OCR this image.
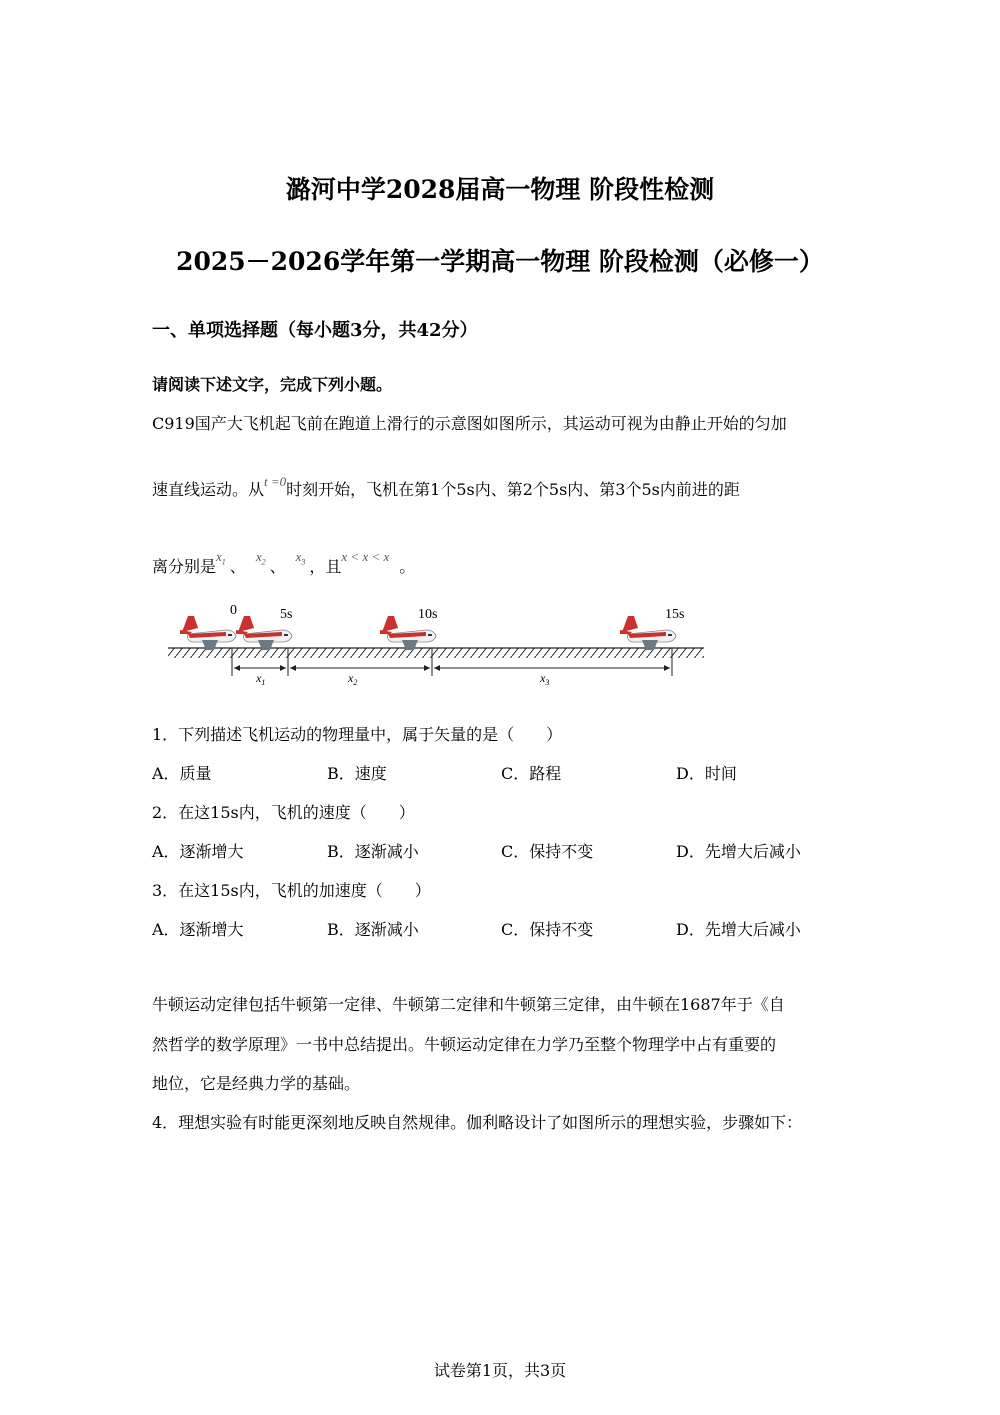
潞河中学2028届高一物理 阶段性检测
2025－2026学年第一学期高一物理 阶段检测（必修一）
一、单项选择题（每小题3分，共42分）
请阅读下述文字，完成下列小题。
C919国产大飞机起飞前在跑道上滑行的示意图如图所示，其运动可视为由静止开始的匀加
速直线运动。从$^{t =0}$时刻开始，飞机在第1个5s内、第2个5s内、第3个5s内前进的距
离分别是$^{x_1}$ 、$^{x_2}$ 、$^{x_3}$ ，且$^{x < x < x}$。
0	5s	10s	15s
$x_1$	$x_2$	$x_3$
1．下列描述飞机运动的物理量中，属于矢量的是（　　）
A．质量	B．速度	C．路程	D．时间
2．在这15s内，飞机的速度（　　）
A．逐渐增大	B．逐渐减小	C．保持不变	D．先增大后减小
3．在这15s内，飞机的加速度（　　）
A．逐渐增大	B．逐渐减小	C．保持不变	D．先增大后减小
牛顿运动定律包括牛顿第一定律、牛顿第二定律和牛顿第三定律，由牛顿在1687年于《自
然哲学的数学原理》一书中总结提出。牛顿运动定律在力学乃至整个物理学中占有重要的
地位，它是经典力学的基础。
4．理想实验有时能更深刻地反映自然规律。伽利略设计了如图所示的理想实验，步骤如下：
试卷第1页，共3页
